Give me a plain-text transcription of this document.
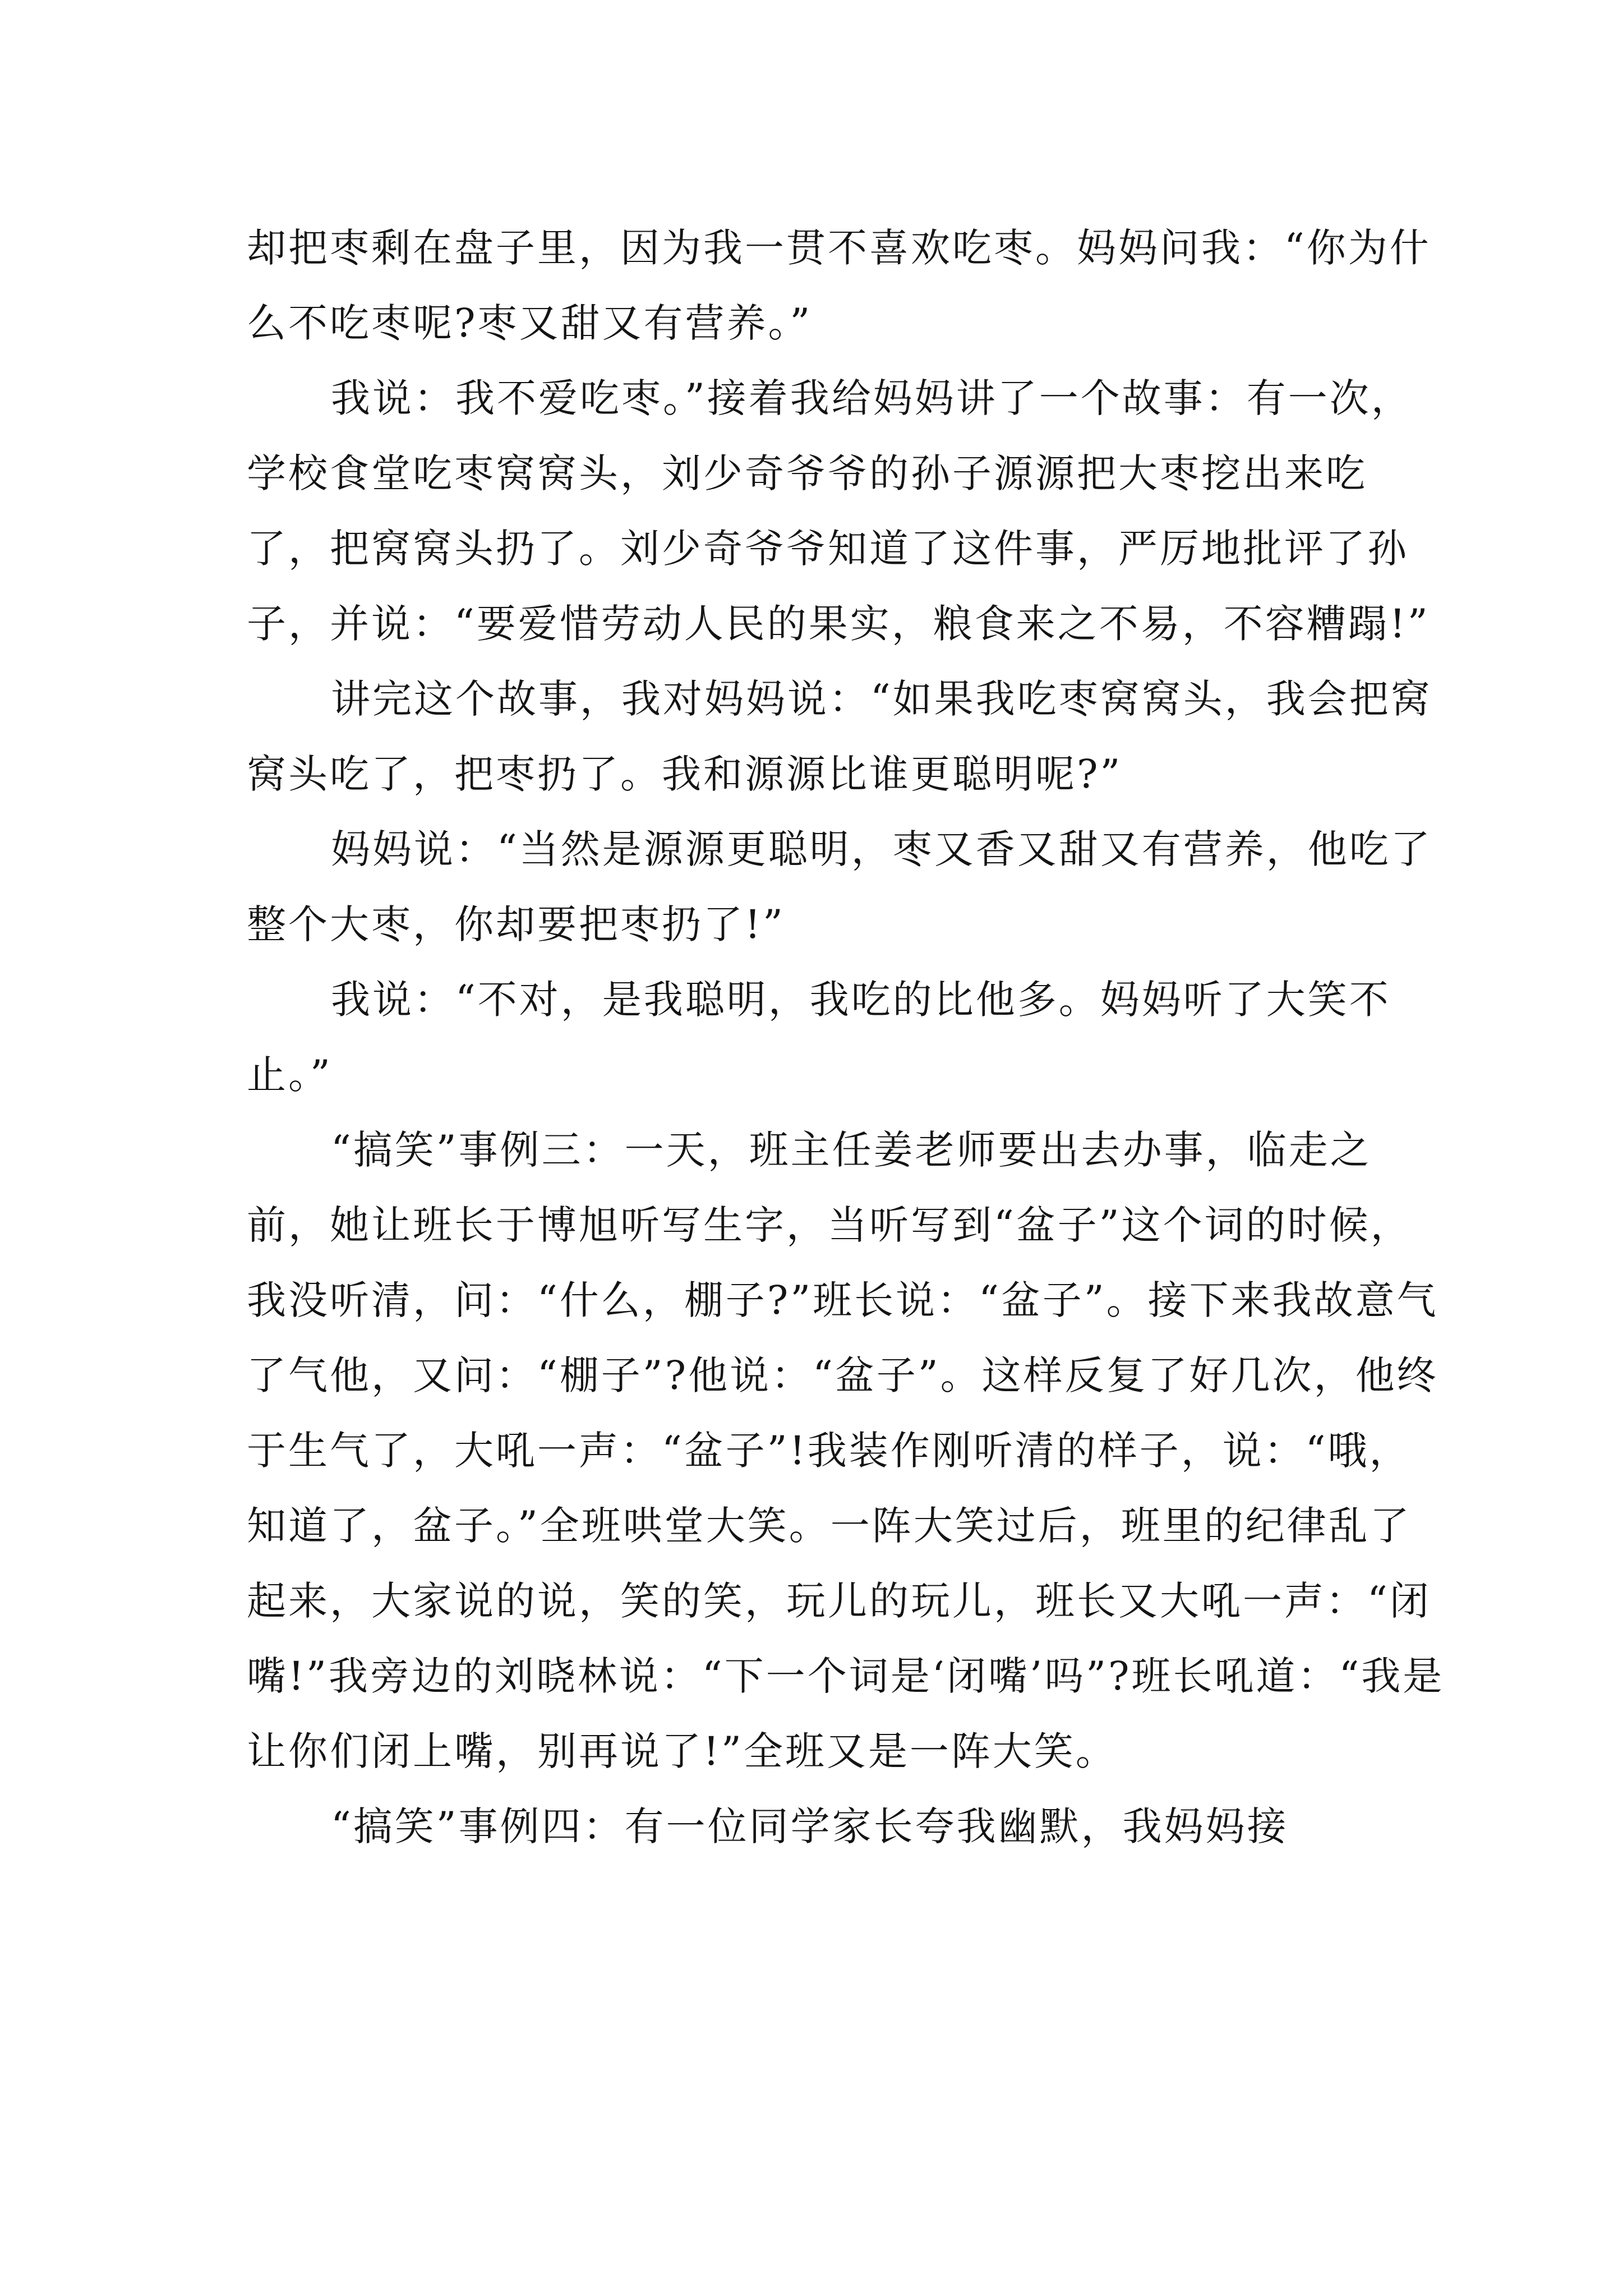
却把枣剩在盘子里，因为我一贯不喜欢吃枣。妈妈问我：“你为什么不吃枣呢?枣又甜又有营养。”

我说：我不爱吃枣。”接着我给妈妈讲了一个故事：有一次，学校食堂吃枣窝窝头，刘少奇爷爷的孙子源源把大枣挖出来吃了，把窝窝头扔了。刘少奇爷爷知道了这件事，严厉地批评了孙子，并说：“要爱惜劳动人民的果实，粮食来之不易，不容糟蹋!”

讲完这个故事，我对妈妈说：“如果我吃枣窝窝头，我会把窝窝头吃了，把枣扔了。我和源源比谁更聪明呢?”

妈妈说：“当然是源源更聪明，枣又香又甜又有营养，他吃了整个大枣，你却要把枣扔了!”

我说：“不对，是我聪明，我吃的比他多。妈妈听了大笑不止。”

“搞笑”事例三：一天，班主任姜老师要出去办事，临走之前，她让班长于博旭听写生字，当听写到“盆子”这个词的时候，我没听清，问：“什么，棚子?”班长说：“盆子”。接下来我故意气了气他，又问：“棚子”?他说：“盆子”。这样反复了好几次，他终于生气了，大吼一声：“盆子”!我装作刚听清的样子，说：“哦，知道了，盆子。”全班哄堂大笑。一阵大笑过后，班里的纪律乱了起来，大家说的说，笑的笑，玩儿的玩儿，班长又大吼一声：“闭嘴!”我旁边的刘晓林说：“下一个词是‘闭嘴’吗”?班长吼道：“我是让你们闭上嘴，别再说了!”全班又是一阵大笑。

“搞笑”事例四：有一位同学家长夸我幽默，我妈妈接
